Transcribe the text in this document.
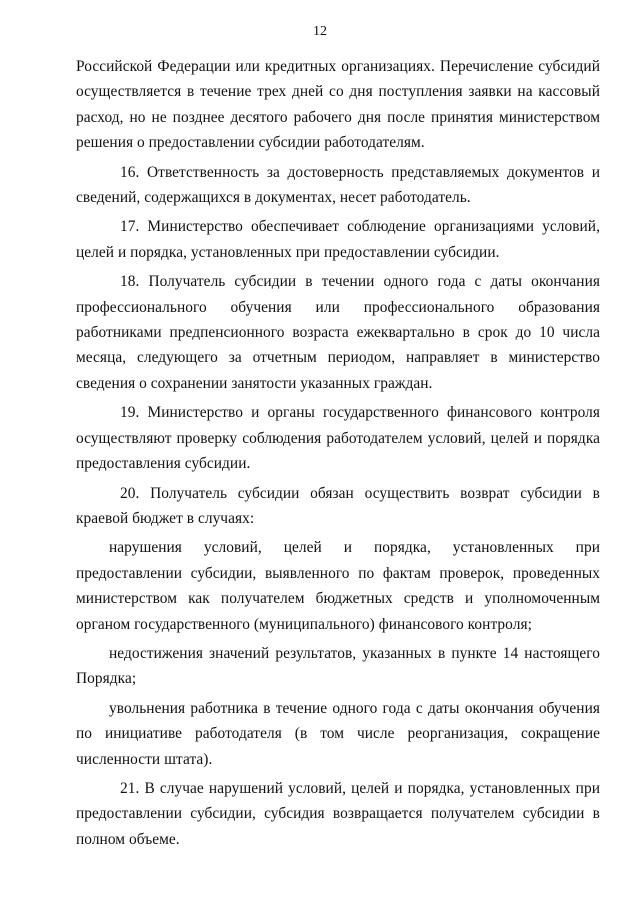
12

Российской Федерации или кредитных организациях. Перечисление субсидий осуществляется в течение трех дней со дня поступления заявки на кассовый расход, но не позднее десятого рабочего дня после принятия министерством решения о предоставлении субсидии работодателям.

16. Ответственность за достоверность представляемых документов и сведений, содержащихся в документах, несет работодатель.

17. Министерство обеспечивает соблюдение организациями условий, целей и порядка, установленных при предоставлении субсидии.

18. Получатель субсидии в течении одного года с даты окончания профессионального обучения или профессионального образования работниками предпенсионного возраста ежеквартально в срок до 10 числа месяца, следующего за отчетным периодом, направляет в министерство сведения о сохранении занятости указанных граждан.

19. Министерство и органы государственного финансового контроля осуществляют проверку соблюдения работодателем условий, целей и порядка предоставления субсидии.

20. Получатель субсидии обязан осуществить возврат субсидии в краевой бюджет в случаях:

нарушения условий, целей и порядка, установленных при предоставлении субсидии, выявленного по фактам проверок, проведенных министерством как получателем бюджетных средств и уполномоченным органом государственного (муниципального) финансового контроля;

недостижения значений результатов, указанных в пункте 14 настоящего Порядка;

увольнения работника в течение одного года с даты окончания обучения по инициативе работодателя (в том числе реорганизация, сокращение численности штата).

21. В случае нарушений условий, целей и порядка, установленных при предоставлении субсидии, субсидия возвращается получателем субсидии в полном объеме.
